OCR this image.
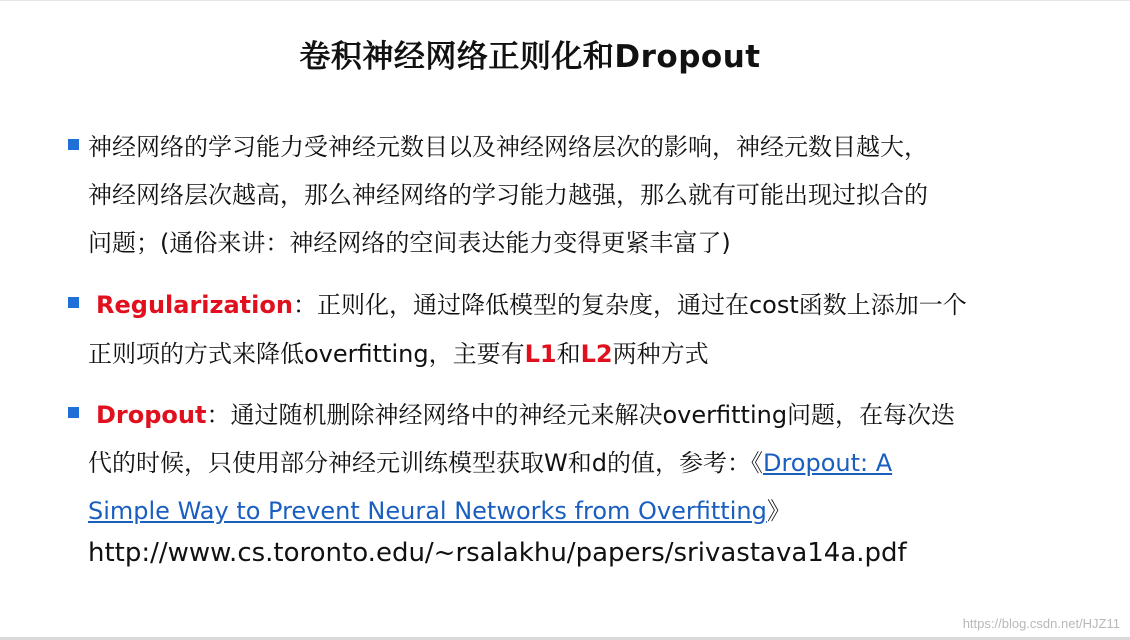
卷积神经网络正则化和Dropout
神经网络的学习能力受神经元数目以及神经网络层次的影响，神经元数目越大，
神经网络层次越高，那么神经网络的学习能力越强，那么就有可能出现过拟合的
问题；(通俗来讲：神经网络的空间表达能力变得更紧丰富了)
Regularization：正则化，通过降低模型的复杂度，通过在cost函数上添加一个
正则项的方式来降低overfitting，主要有L1和L2两种方式
Dropout：通过随机删除神经网络中的神经元来解决overfitting问题，在每次迭
代的时候，只使用部分神经元训练模型获取W和d的值，参考：《Dropout: A
Simple Way to Prevent Neural Networks from Overfitting》
http://www.cs.toronto.edu/~rsalakhu/papers/srivastava14a.pdf
https://blog.csdn.net/HJZ11
